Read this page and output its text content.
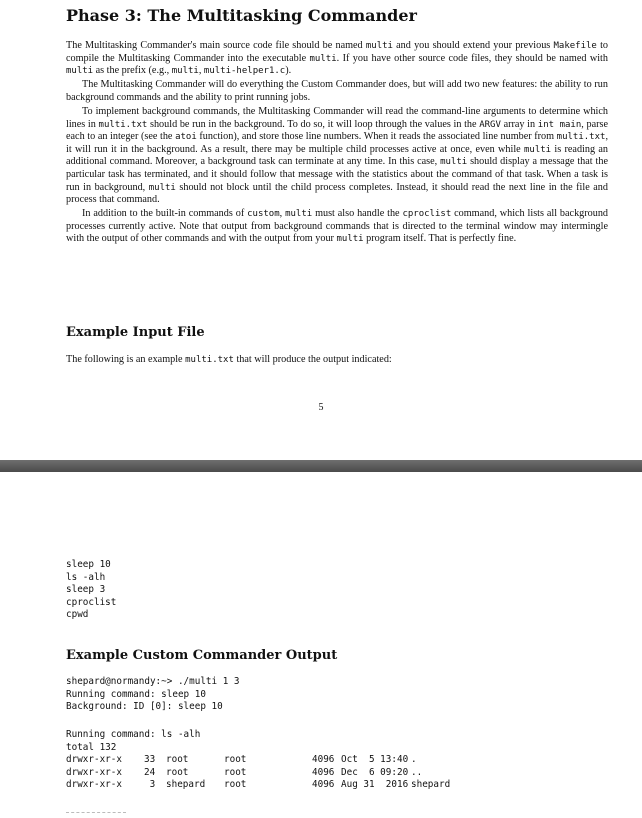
Phase 3: The Multitasking Commander

The Multitasking Commander's main source code file should be named multi and you should extend your previous Makefile to compile the Multitasking Commander into the executable multi. If you have other source code files, they should be named with multi as the prefix (e.g., multi, multi-helper1.c).

The Multitasking Commander will do everything the Custom Commander does, but will add two new features: the ability to run background commands and the ability to print running jobs.

To implement background commands, the Multitasking Commander will read the command-line arguments to determine which lines in multi.txt should be run in the background. To do so, it will loop through the values in the ARGV array in int main, parse each to an integer (see the atoi function), and store those line numbers. When it reads the associated line number from multi.txt, it will run it in the background. As a result, there may be multiple child processes active at once, even while multi is reading an additional command. Moreover, a background task can terminate at any time. In this case, multi should display a message that the particular task has terminated, and it should follow that message with the statistics about the command of that task. When a task is run in background, multi should not block until the child process completes. Instead, it should read the next line in the file and process that command.

In addition to the built-in commands of custom, multi must also handle the cproclist command, which lists all background processes currently active. Note that output from background commands that is directed to the terminal window may intermingle with the output of other commands and with the output from your multi program itself. That is perfectly fine.

Example Input File

The following is an example multi.txt that will produce the output indicated:

5
sleep 10
ls -alh
sleep 3
cproclist
cpwd
Example Custom Commander Output
shepard@normandy:~> ./multi 1 3
Running command: sleep 10
Background: ID [0]: sleep 10
Running command: ls -alh
total 132
drwxr-xr-x 33 root	root	4096 Oct  5 13:40 .
drwxr-xr-x 24 root	root	4096 Dec  6 09:20 ..
drwxr-xr-x 3 shepard root	4096 Aug 31  2016 shepard
